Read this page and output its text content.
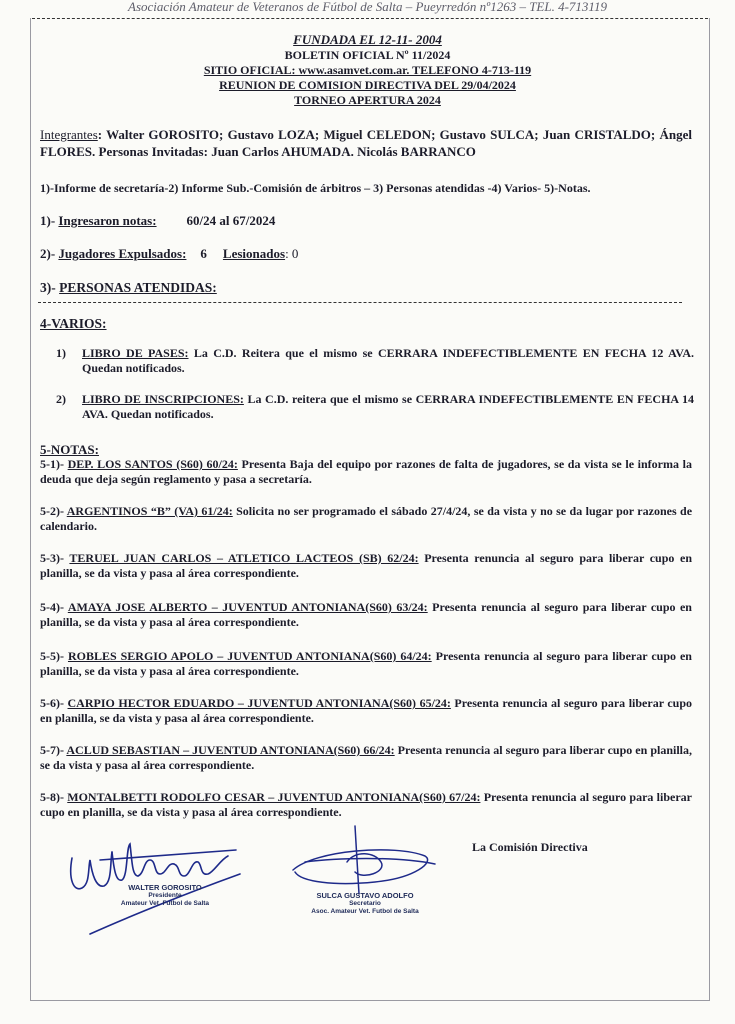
Asociación Amateur de Veteranos de Fútbol de Salta – Pueyrredón nº1263 – TEL. 4-713119
FUNDADA EL 12-11- 2004
BOLETIN OFICIAL Nº 11/2024
SITIO OFICIAL: www.asamvet.com.ar. TELEFONO 4-713-119
REUNION DE COMISION DIRECTIVA DEL 29/04/2024
TORNEO APERTURA 2024
Integrantes: Walter GOROSITO; Gustavo LOZA; Miguel CELEDON; Gustavo SULCA; Juan CRISTALDO; Ángel FLORES. Personas Invitadas: Juan Carlos AHUMADA. Nicolás BARRANCO
1)-Informe de secretaría-2) Informe Sub.-Comisión de árbitros – 3) Personas atendidas -4) Varios- 5)-Notas.
1)- Ingresaron notas: 60/24 al 67/2024
2)- Jugadores Expulsados: 6 Lesionados: 0
3)- PERSONAS ATENDIDAS:
4-VARIOS:
1)	LIBRO DE PASES: La C.D. Reitera que el mismo se CERRARA INDEFECTIBLEMENTE EN FECHA 12 AVA. Quedan notificados.
2)	LIBRO DE INSCRIPCIONES: La C.D. reitera que el mismo se CERRARA INDEFECTIBLEMENTE EN FECHA 14 AVA. Quedan notificados.
5-NOTAS:
5-1)- DEP. LOS SANTOS (S60) 60/24: Presenta Baja del equipo por razones de falta de jugadores, se da vista se le informa la deuda que deja según reglamento y pasa a secretaría.
5-2)- ARGENTINOS “B” (VA) 61/24: Solicita no ser programado el sábado 27/4/24, se da vista y no se da lugar por razones de calendario.
5-3)- TERUEL JUAN CARLOS – ATLETICO LACTEOS (SB) 62/24: Presenta renuncia al seguro para liberar cupo en planilla, se da vista y pasa al área correspondiente.
5-4)- AMAYA JOSE ALBERTO – JUVENTUD ANTONIANA(S60) 63/24: Presenta renuncia al seguro para liberar cupo en planilla, se da vista y pasa al área correspondiente.
5-5)- ROBLES SERGIO APOLO – JUVENTUD ANTONIANA(S60) 64/24: Presenta renuncia al seguro para liberar cupo en planilla, se da vista y pasa al área correspondiente.
5-6)- CARPIO HECTOR EDUARDO – JUVENTUD ANTONIANA(S60) 65/24: Presenta renuncia al seguro para liberar cupo en planilla, se da vista y pasa al área correspondiente.
5-7)- ACLUD SEBASTIAN – JUVENTUD ANTONIANA(S60) 66/24: Presenta renuncia al seguro para liberar cupo en planilla, se da vista y pasa al área correspondiente.
5-8)- MONTALBETTI RODOLFO CESAR – JUVENTUD ANTONIANA(S60) 67/24: Presenta renuncia al seguro para liberar cupo en planilla, se da vista y pasa al área correspondiente.
La Comisión Directiva
WALTER GOROSITO
Presidente
Amateur Vet. Fútbol de Salta
SULCA GUSTAVO ADOLFO
Secretario
Asoc. Amateur Vet. Futbol de Salta
